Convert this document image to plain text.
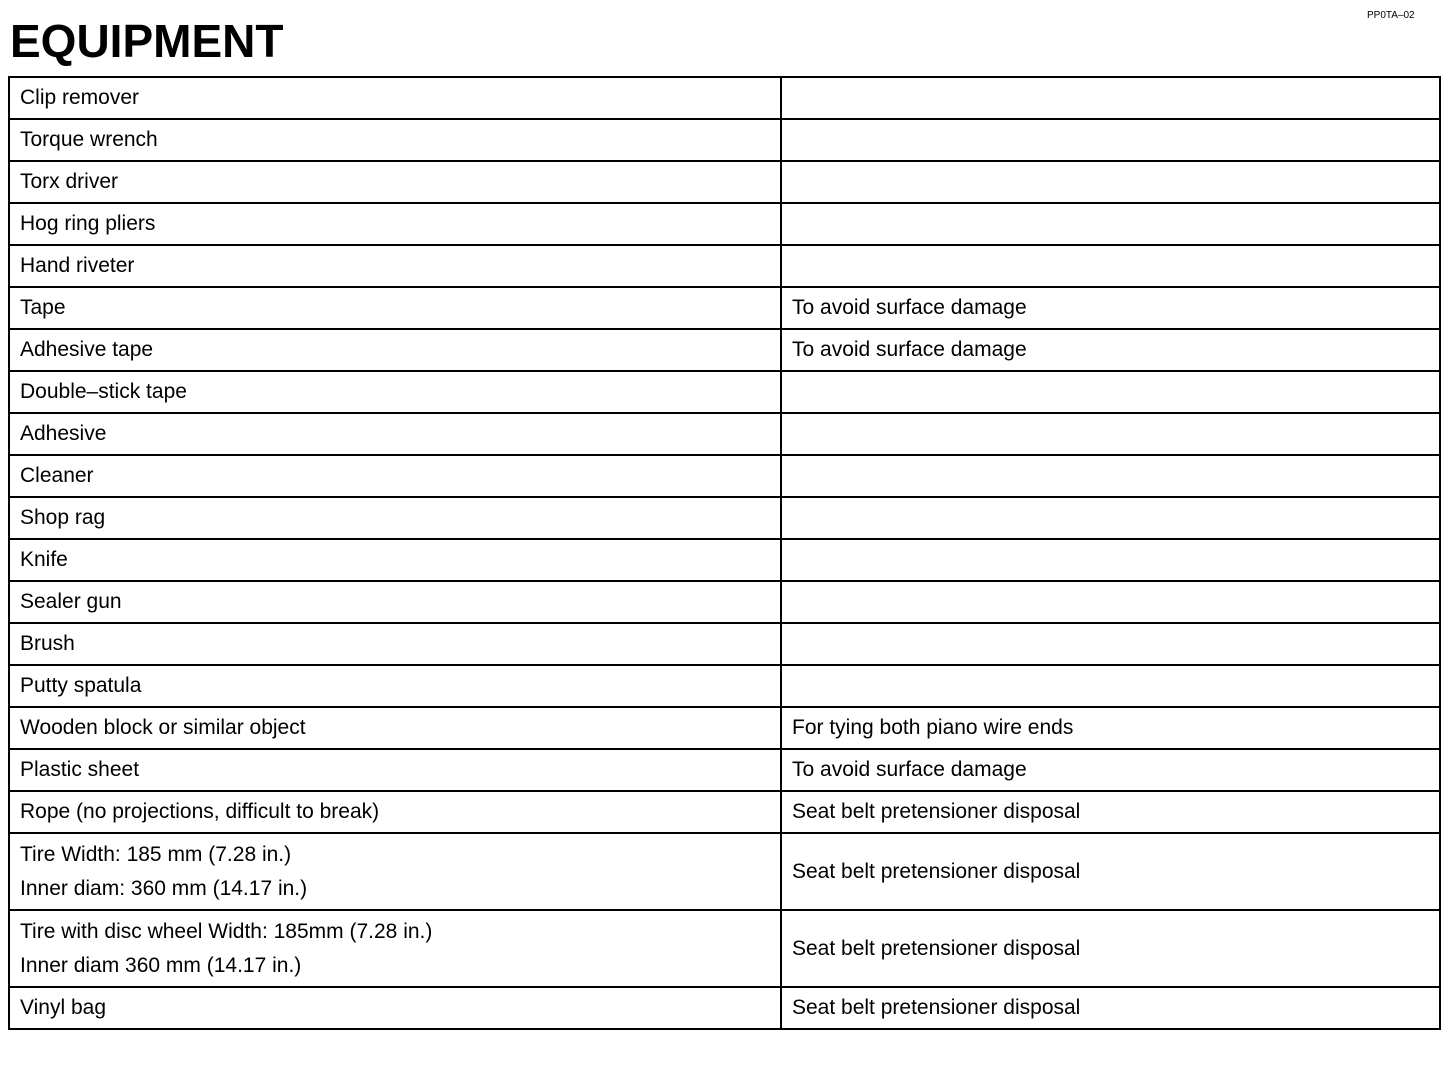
PP0TA–02
EQUIPMENT
Clip remover	

Torque wrench	

Torx driver	

Hog ring pliers	

Hand riveter	

Tape	To avoid surface damage

Adhesive tape	To avoid surface damage

Double–stick tape	

Adhesive	

Cleaner	

Shop rag	

Knife	

Sealer gun	

Brush	

Putty spatula	

Wooden block or similar object	For tying both piano wire ends

Plastic sheet	To avoid surface damage

Rope (no projections, difficult to break)	Seat belt pretensioner disposal

Tire Width: 185 mm (7.28 in.)
Inner diam: 360 mm (14.17 in.)	Seat belt pretensioner disposal

Tire with disc wheel Width: 185mm (7.28 in.)
Inner diam 360 mm (14.17 in.)	Seat belt pretensioner disposal

Vinyl bag	Seat belt pretensioner disposal
